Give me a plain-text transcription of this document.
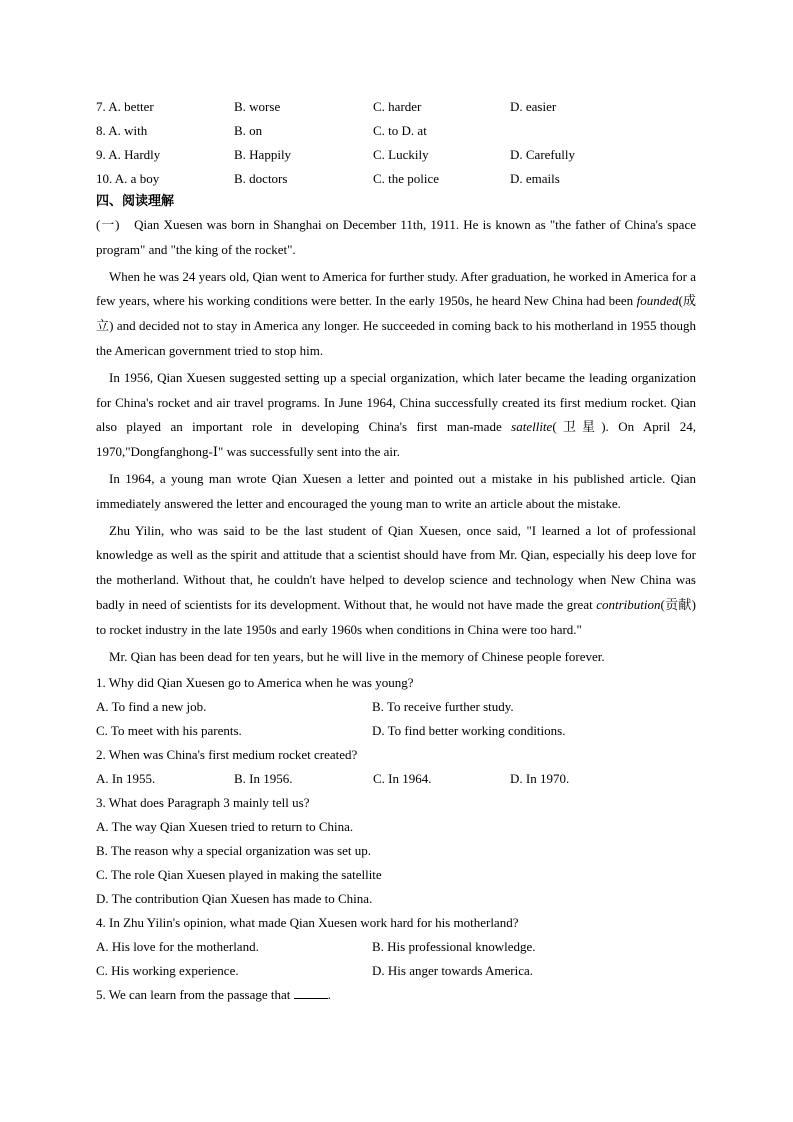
7. A. better	B. worse	C. harder	D. easier
8. A. with	B. on	C. to D. at
9. A. Hardly	B. Happily	C. Luckily	D. Carefully
10. A. a boy	B. doctors	C. the police	D. emails
四、阅读理解

(一)　Qian Xuesen was born in Shanghai on December 11th, 1911. He is known as "the father of China's space program" and "the king of the rocket".

When he was 24 years old, Qian went to America for further study. After graduation, he worked in America for a few years, where his working conditions were better. In the early 1950s, he heard New China had been founded(成立) and decided not to stay in America any longer. He succeeded in coming back to his motherland in 1955 though the American government tried to stop him.

In 1956, Qian Xuesen suggested setting up a special organization, which later became the leading organization for China's rocket and air travel programs. In June 1964, China successfully created its first medium rocket. Qian also played an important role in developing China's first man-made satellite(卫星). On April 24, 1970,"Dongfanghong-Ⅰ" was successfully sent into the air.

In 1964, a young man wrote Qian Xuesen a letter and pointed out a mistake in his published article. Qian immediately answered the letter and encouraged the young man to write an article about the mistake.

Zhu Yilin, who was said to be the last student of Qian Xuesen, once said, "I learned a lot of professional knowledge as well as the spirit and attitude that a scientist should have from Mr. Qian, especially his deep love for the motherland. Without that, he couldn't have helped to develop science and technology when New China was badly in need of scientists for its development. Without that, he would not have made the great contribution(贡献) to rocket industry in the late 1950s and early 1960s when conditions in China were too hard."

Mr. Qian has been dead for ten years, but he will live in the memory of Chinese people forever.

1. Why did Qian Xuesen go to America when he was young?
A. To find a new job.	B. To receive further study.
C. To meet with his parents.	D. To find better working conditions.
2. When was China's first medium rocket created?
A. In 1955.	B. In 1956.	C. In 1964.	D. In 1970.
3. What does Paragraph 3 mainly tell us?
A. The way Qian Xuesen tried to return to China.
B. The reason why a special organization was set up.
C. The role Qian Xuesen played in making the satellite
D. The contribution Qian Xuesen has made to China.
4. In Zhu Yilin's opinion, what made Qian Xuesen work hard for his motherland?
A. His love for the motherland.	B. His professional knowledge.
C. His working experience.	D. His anger towards America.
5. We can learn from the passage that	.
